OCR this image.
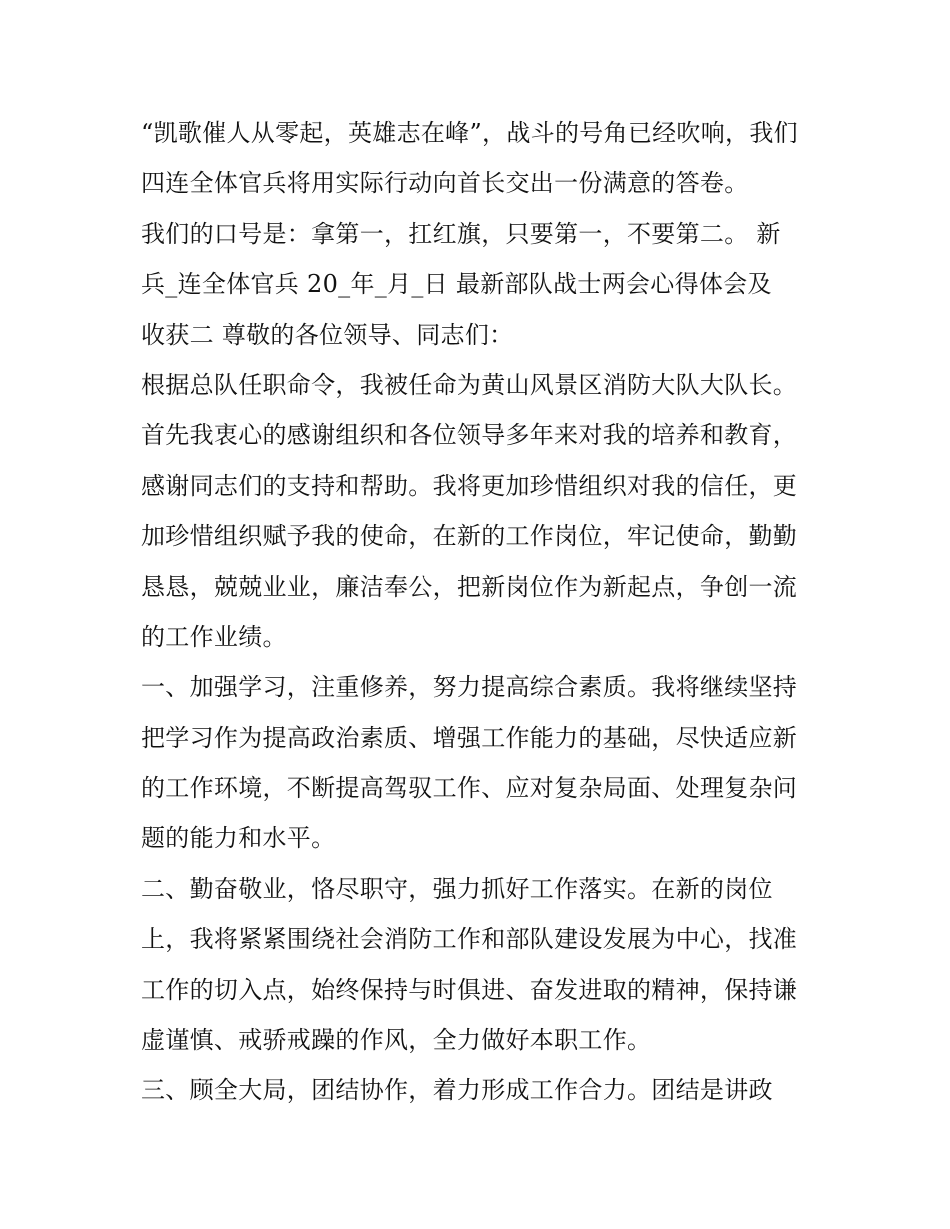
“凯歌催人从零起，英雄志在峰”，战斗的号角已经吹响，我们
四连全体官兵将用实际行动向首长交出一份满意的答卷。
我们的口号是：拿第一，扛红旗，只要第一，不要第二。 新
兵_连全体官兵 20_年_月_日 最新部队战士两会心得体会及
收获二 尊敬的各位领导、同志们：
根据总队任职命令，我被任命为黄山风景区消防大队大队长。
首先我衷心的感谢组织和各位领导多年来对我的培养和教育，
感谢同志们的支持和帮助。我将更加珍惜组织对我的信任，更
加珍惜组织赋予我的使命，在新的工作岗位，牢记使命，勤勤
恳恳，兢兢业业，廉洁奉公，把新岗位作为新起点，争创一流
的工作业绩。
一、加强学习，注重修养，努力提高综合素质。我将继续坚持
把学习作为提高政治素质、增强工作能力的基础，尽快适应新
的工作环境，不断提高驾驭工作、应对复杂局面、处理复杂问
题的能力和水平。
二、勤奋敬业，恪尽职守，强力抓好工作落实。在新的岗位
上，我将紧紧围绕社会消防工作和部队建设发展为中心，找准
工作的切入点，始终保持与时俱进、奋发进取的精神，保持谦
虚谨慎、戒骄戒躁的作风，全力做好本职工作。
三、顾全大局，团结协作，着力形成工作合力。团结是讲政
